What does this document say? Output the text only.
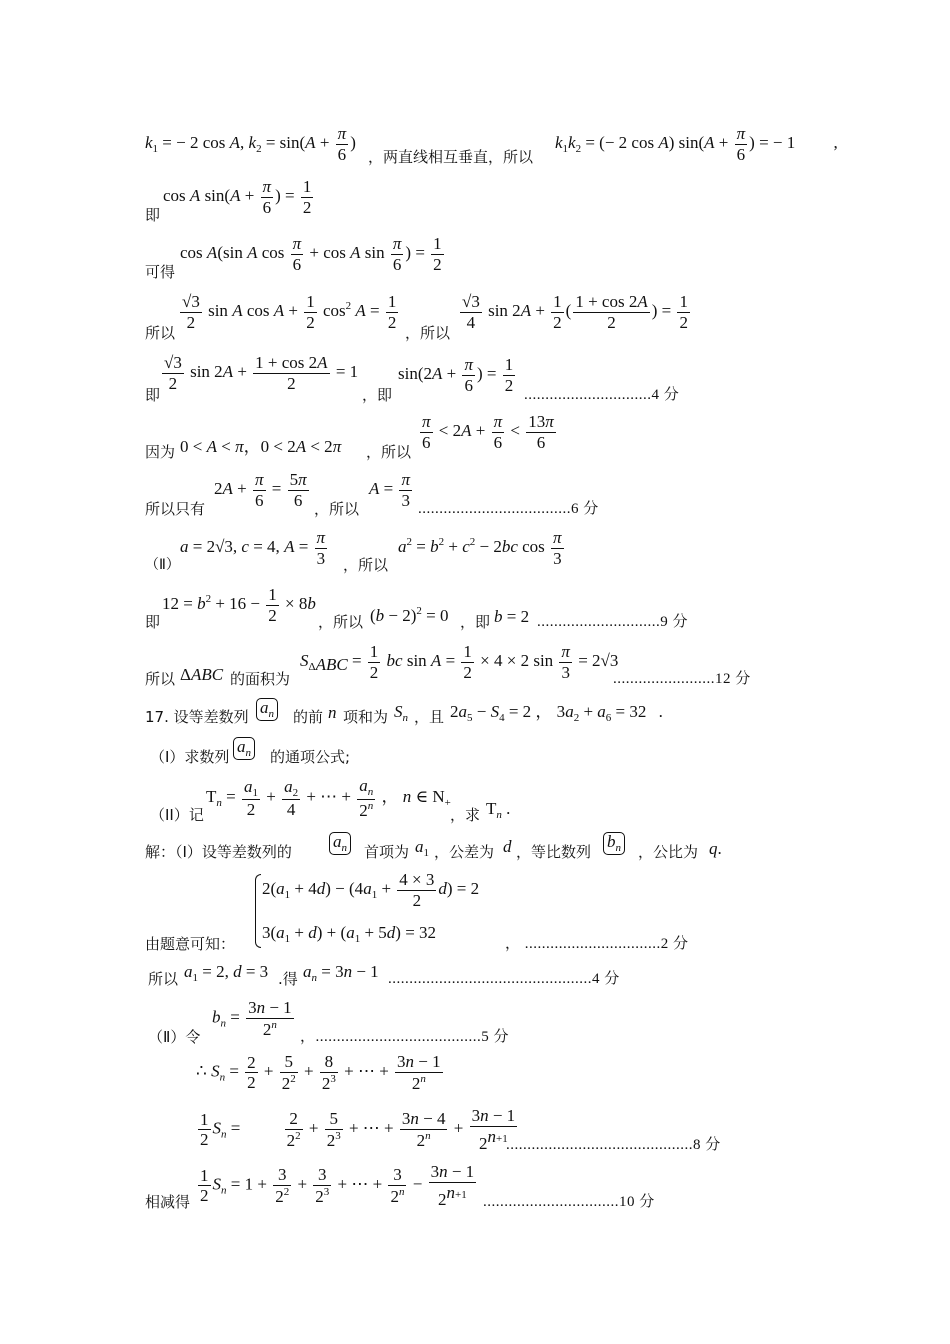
$k_1$ = − 2 cos A, $k_2 = \sin(A + \frac{\pi}{6}$ )
，两直线相互垂直，所以
$k_1k_2$ = (− 2 cos A) $\sin(A + \frac{\pi}{6}$ ) = − 1 ,
即
cos A $\sin(A + \frac{\pi}{6}$ ) = $\frac{1}{2}$
可得
cos A(sin A $\cos \frac{\pi}{6} + \cos A$ $\sin \frac{\pi}{6}$ ) = $\frac{1}{2}$
所以
$\frac{√3}{2}$ sin A $\cos A + \frac{1}{2} \cos^2 A = \frac{1}{2}$
，所以
$\frac{√3}{4}$ $\sin 2A + \frac{1}{2}$ ( $\frac{1 + \cos 2A}{2}$ ) = $\frac{1}{2}$
即
$\frac{√3}{2}$ $\sin 2A + \frac{1 + \cos 2A}{2} = 1$
，即
$\sin(2A + \frac{\pi}{6}$ ) = $\frac{1}{2} ..............................4$ 分
因为 0 < A < π，0 < 2A < 2π ，所以 $\frac{\pi}{6} < 2A + \frac{\pi}{6} < \frac{13\pi}{6}$
所以只有
$2A + \frac{\pi}{6} = \frac{5\pi}{6}$ ，所以
$A = \frac{\pi}{3} ....................................6$ 分
（Ⅱ）
a = 2√3, c = 4, $A = \frac{\pi}{3}$ ，所以
$a^2 = b^2 + c^2 - 2bc$ $\cos \frac{\pi}{3}$
即
$12 = b^2 + 16 - \frac{1}{2} \times 8b$
，所以 $(b - 2)^2 = 0$ ，即 b = 2 .............................9 分
所以 ΔABC 的面积为
$S_{\Delta ABC} = \frac{1}{2}$ bc $\sin A = \frac{1}{2} \times 4 \times 2$ $\sin \frac{\pi}{3} = 2√3$
........................12 分
17. 设等差数列 $a_n$ 的前 n 项和为 $S_n$ ，且 $2a_5 - S_4 = 2$ ， $3a_2 + a_6 = 32$ .
（I）求数列
$a_n$ 的通项公式;
（II）记
$T_n = \frac{a_1}{2} + \frac{a_2}{4}$ + ⋯ + $\frac{a_n}{2^n}$ ， n ∈ $N_+$
，求 $T_n$ .
解：（Ⅰ）设等差数列的
$a_n$ 首项为 $a_1$ ，公差为 d ，等比数列
$b_n$ ，公比为 q.
$2(a_1 + 4d) - (4a_1 + \frac{4 \times 3}{2} d) = 2$
$3(a_1 + d) + (a_1 + 5d) = 32$
由题意可知：	， ................................2 分
所以 $a_1 = 2$, d = 3 .得 $a_n = 3n - 1$ ................................................4 分
（Ⅱ）令
$b_n = \frac{3n - 1}{2^n}$ ，.......................................5 分
∴ $S_n = \frac{2}{2} + \frac{5}{2^2} + \frac{8}{2^3}$ + ⋯ + $\frac{3n - 1}{2^n}$
$\frac{1}{2} S_n = \frac{2}{2^2} + \frac{5}{2^3}$ + ⋯ + $\frac{3n - 4}{2^n} + \frac{3n - 1}{2^{n+1}}$
............................................8 分
相减得 $\frac{1}{2} S_n = 1 + \frac{3}{2^2} + \frac{3}{2^3}$ + ⋯ + $\frac{3}{2^n} - \frac{3n - 1}{2^{n+1}} ................................10$ 分
